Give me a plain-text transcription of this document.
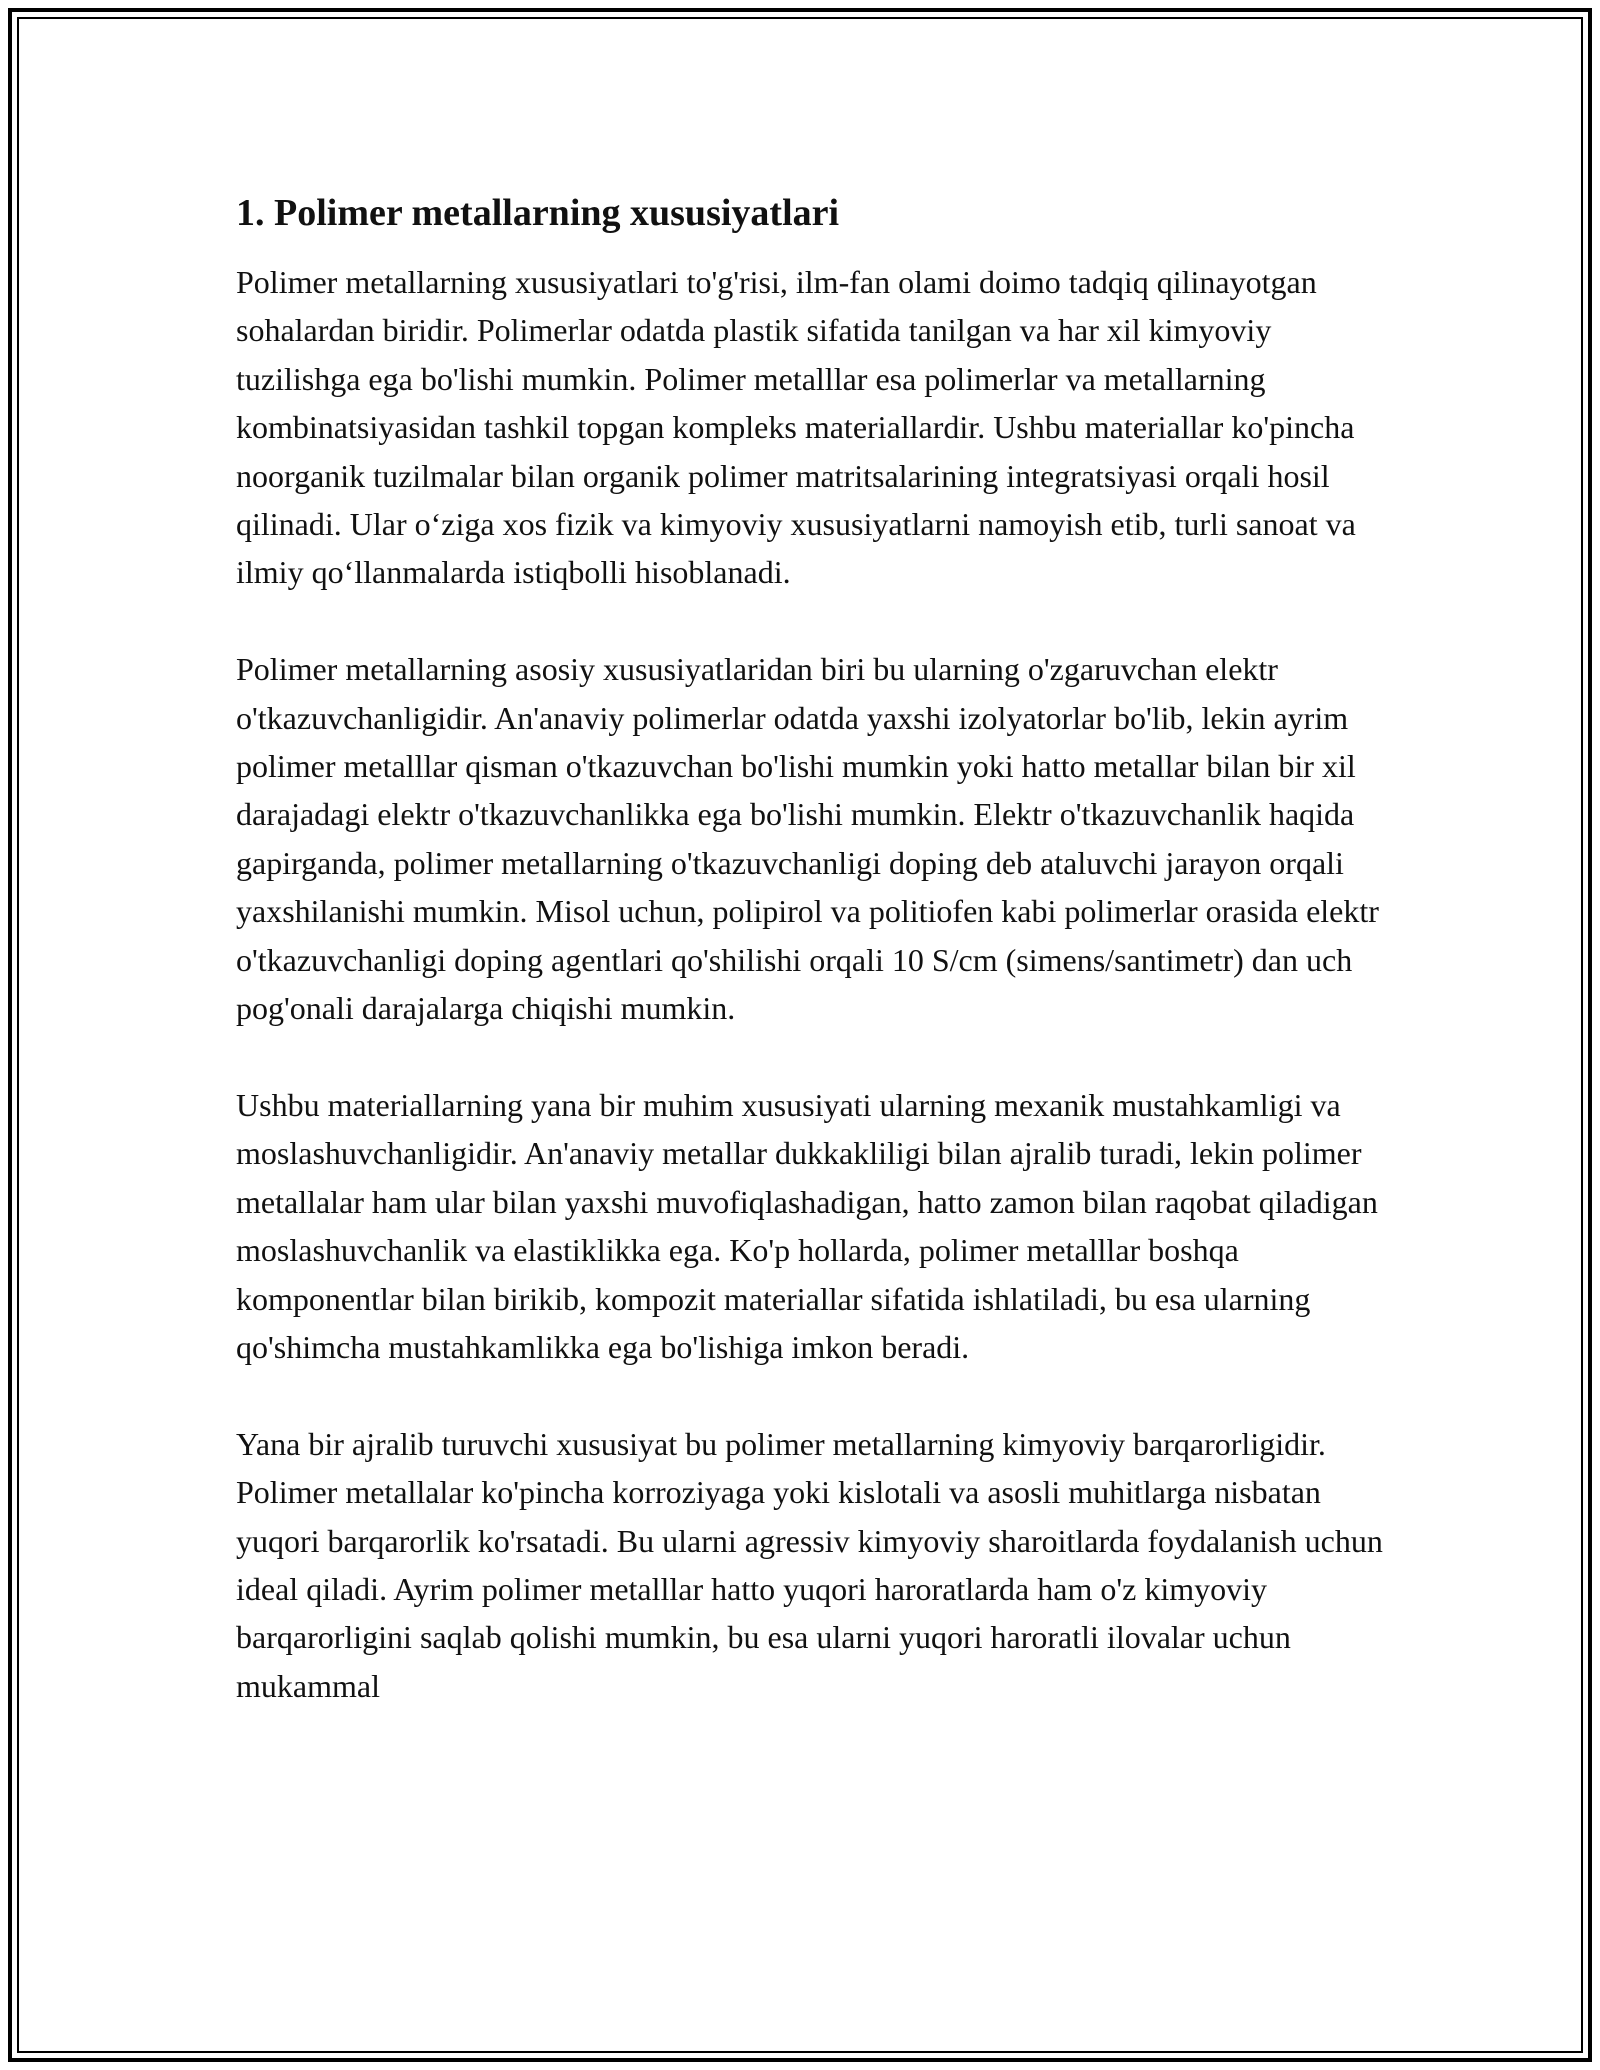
1. Polimer metallarning xususiyatlari

Polimer metallarning xususiyatlari to'g'risi, ilm-fan olami doimo tadqiq qilinayotgan sohalardan biridir. Polimerlar odatda plastik sifatida tanilgan va har xil kimyoviy tuzilishga ega bo'lishi mumkin. Polimer metalllar esa polimerlar va metallarning kombinatsiyasidan tashkil topgan kompleks materiallardir. Ushbu materiallar ko'pincha noorganik tuzilmalar bilan organik polimer matritsalarining integratsiyasi orqali hosil qilinadi. Ular o‘ziga xos fizik va kimyoviy xususiyatlarni namoyish etib, turli sanoat va ilmiy qo‘llanmalarda istiqbolli hisoblanadi.

Polimer metallarning asosiy xususiyatlaridan biri bu ularning o'zgaruvchan elektr o'tkazuvchanligidir. An'anaviy polimerlar odatda yaxshi izolyatorlar bo'lib, lekin ayrim polimer metalllar qisman o'tkazuvchan bo'lishi mumkin yoki hatto metallar bilan bir xil darajadagi elektr o'tkazuvchanlikka ega bo'lishi mumkin. Elektr o'tkazuvchanlik haqida gapirganda, polimer metallarning o'tkazuvchanligi doping deb ataluvchi jarayon orqali yaxshilanishi mumkin. Misol uchun, polipirol va politiofen kabi polimerlar orasida elektr o'tkazuvchanligi doping agentlari qo'shilishi orqali 10 S/cm (simens/santimetr) dan uch pog'onali darajalarga chiqishi mumkin.

Ushbu materiallarning yana bir muhim xususiyati ularning mexanik mustahkamligi va moslashuvchanligidir. An'anaviy metallar dukkakliligi bilan ajralib turadi, lekin polimer metallalar ham ular bilan yaxshi muvofiqlashadigan, hatto zamon bilan raqobat qiladigan moslashuvchanlik va elastiklikka ega. Ko'p hollarda, polimer metalllar boshqa komponentlar bilan birikib, kompozit materiallar sifatida ishlatiladi, bu esa ularning qo'shimcha mustahkamlikka ega bo'lishiga imkon beradi.

Yana bir ajralib turuvchi xususiyat bu polimer metallarning kimyoviy barqarorligidir. Polimer metallalar ko'pincha korroziyaga yoki kislotali va asosli muhitlarga nisbatan yuqori barqarorlik ko'rsatadi. Bu ularni agressiv kimyoviy sharoitlarda foydalanish uchun ideal qiladi. Ayrim polimer metalllar hatto yuqori haroratlarda ham o'z kimyoviy barqarorligini saqlab qolishi mumkin, bu esa ularni yuqori haroratli ilovalar uchun mukammal
